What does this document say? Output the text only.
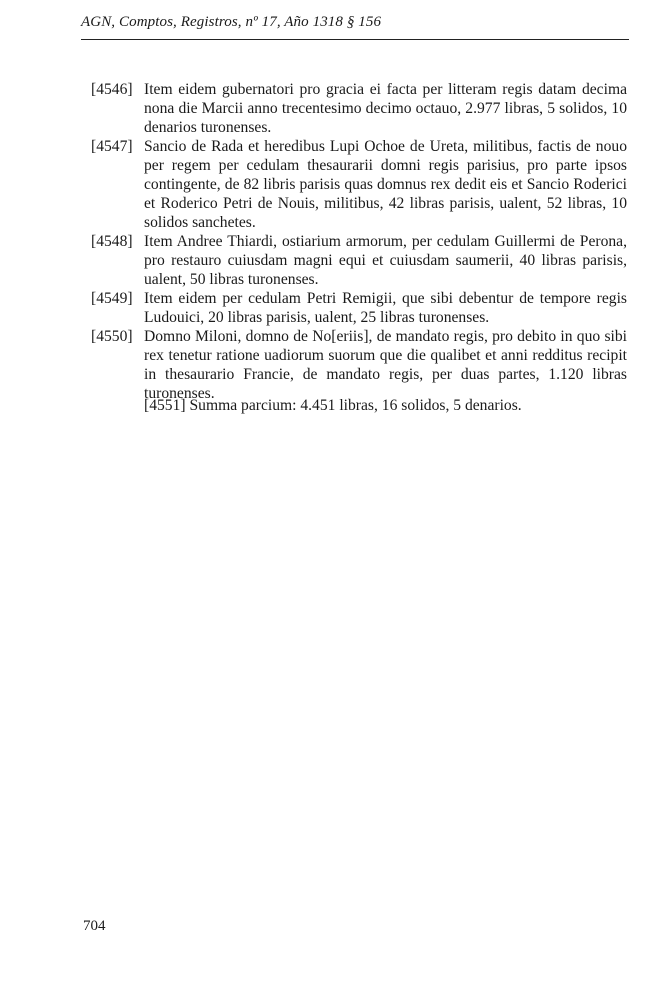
AGN, Comptos, Registros, nº 17, Año 1318 § 156
[4546] Item eidem gubernatori pro gracia ei facta per litteram regis datam decima nona die Marcii anno trecentesimo decimo octauo, 2.977 libras, 5 solidos, 10 denarios turonenses.
[4547] Sancio de Rada et heredibus Lupi Ochoe de Ureta, militibus, factis de nouo per regem per cedulam thesaurarii domni regis parisius, pro parte ipsos contingente, de 82 libris parisis quas domnus rex dedit eis et Sancio Roderici et Roderico Petri de Nouis, militibus, 42 libras parisis, ualent, 52 libras, 10 solidos sanchetes.
[4548] Item Andree Thiardi, ostiarium armorum, per cedulam Guillermi de Perona, pro restauro cuiusdam magni equi et cuiusdam saumerii, 40 libras parisis, ualent, 50 libras turonenses.
[4549] Item eidem per cedulam Petri Remigii, que sibi debentur de tempore regis Ludouici, 20 libras parisis, ualent, 25 libras turonenses.
[4550] Domno Miloni, domno de No[eriis], de mandato regis, pro debito in quo sibi rex tenetur ratione uadiorum suorum que die qualibet et anni redditus recipit in thesaurario Francie, de mandato regis, per duas partes, 1.120 libras turonenses.
[4551] Summa parcium: 4.451 libras, 16 solidos, 5 denarios.
704
